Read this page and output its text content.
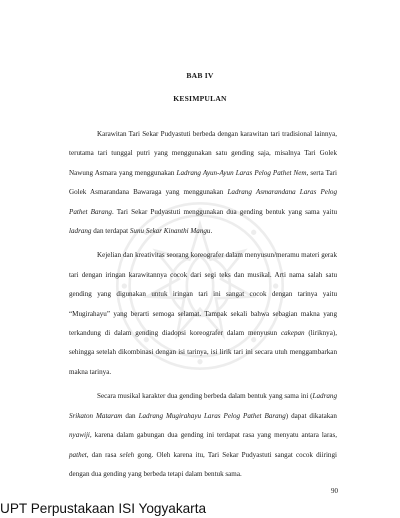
BAB IV
KESIMPULAN

Karawitan Tari Sekar Pudyastuti berbeda dengan karawitan tari tradisional lainnya, terutama tari tunggal putri yang menggunakan satu gending saja, misalnya Tari Golek Nawung Asmara yang menggunakan Ladrang Ayun-Ayun Laras Pelog Pathet Nem, serta Tari Golek Asmarandana Bawaraga yang menggunakan Ladrang Asmarandana Laras Pelog Pathet Barang. Tari Sekar Pudyastuti menggunakan dua gending bentuk yang sama yaitu ladrang dan terdapat Sunu Sekar Kinanthi Mangu.

Kejelian dan kreativitas seorang koreografer dalam menyusun/meramu materi gerak tari dengan iringan karawitannya cocok dari segi teks dan musikal. Arti nama salah satu gending yang digunakan untuk iringan tari ini sangat cocok dengan tarinya yaitu “Mugirahayu” yang berarti semoga selamat. Tampak sekali bahwa sebagian makna yang terkandung di dalam gending diadopsi koreografer dalam menyusun cakepan (liriknya), sehingga setelah dikombinasi dengan isi tarinya, isi lirik tari ini secara utuh menggambarkan makna tarinya.

Secara musikal karakter dua gending berbeda dalam bentuk yang sama ini (Ladrang Srikaton Mataram dan Ladrang Mugirahayu Laras Pelog Pathet Barang) dapat dikatakan nyawiji, karena dalam gabungan dua gending ini terdapat rasa yang menyatu antara laras, pathet, dan rasa seleh gong. Oleh karena itu, Tari Sekar Pudyastuti sangat cocok diiringi dengan dua gending yang berbeda tetapi dalam bentuk sama.

90
UPT Perpustakaan ISI Yogyakarta
